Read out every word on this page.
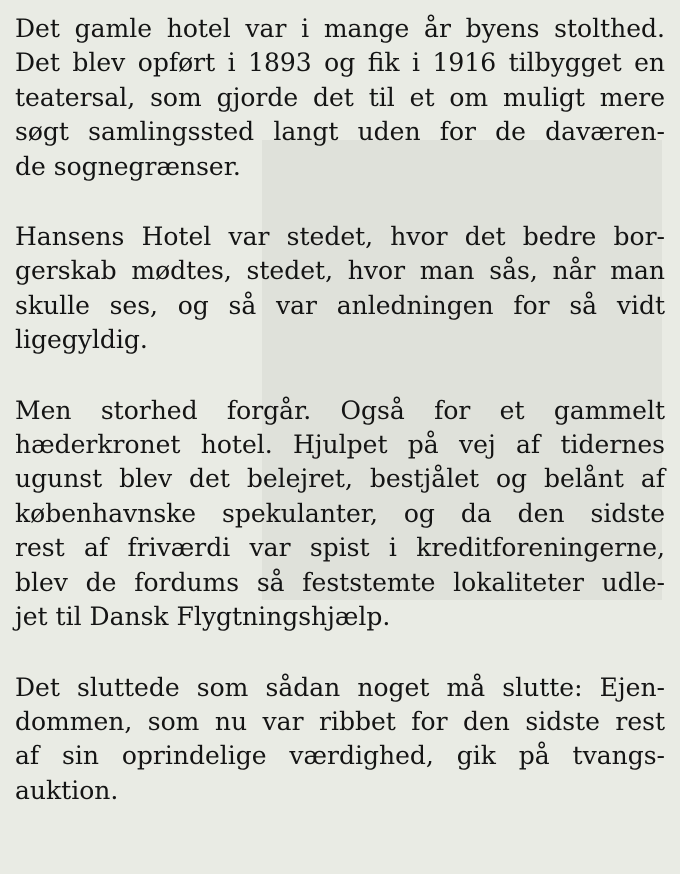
Det gamle hotel var i mange år byens stolthed.
Det blev opført i 1893 og fik i 1916 tilbygget en
teatersal, som gjorde det til et om muligt mere
søgt samlingssted langt uden for de daværen-
de sognegrænser.

Hansens Hotel var stedet, hvor det bedre bor-
gerskab mødtes, stedet, hvor man sås, når man
skulle ses, og så var anledningen for så vidt
ligegyldig.

Men storhed forgår. Også for et gammelt
hæderkronet hotel. Hjulpet på vej af tidernes
ugunst blev det belejret, bestjålet og belånt af
københavnske spekulanter, og da den sidste
rest af friværdi var spist i kreditforeningerne,
blev de fordums så feststemte lokaliteter udle-
jet til Dansk Flygtningshjælp.

Det sluttede som sådan noget må slutte: Ejen-
dommen, som nu var ribbet for den sidste rest
af sin oprindelige værdighed, gik på tvangs-
auktion.
